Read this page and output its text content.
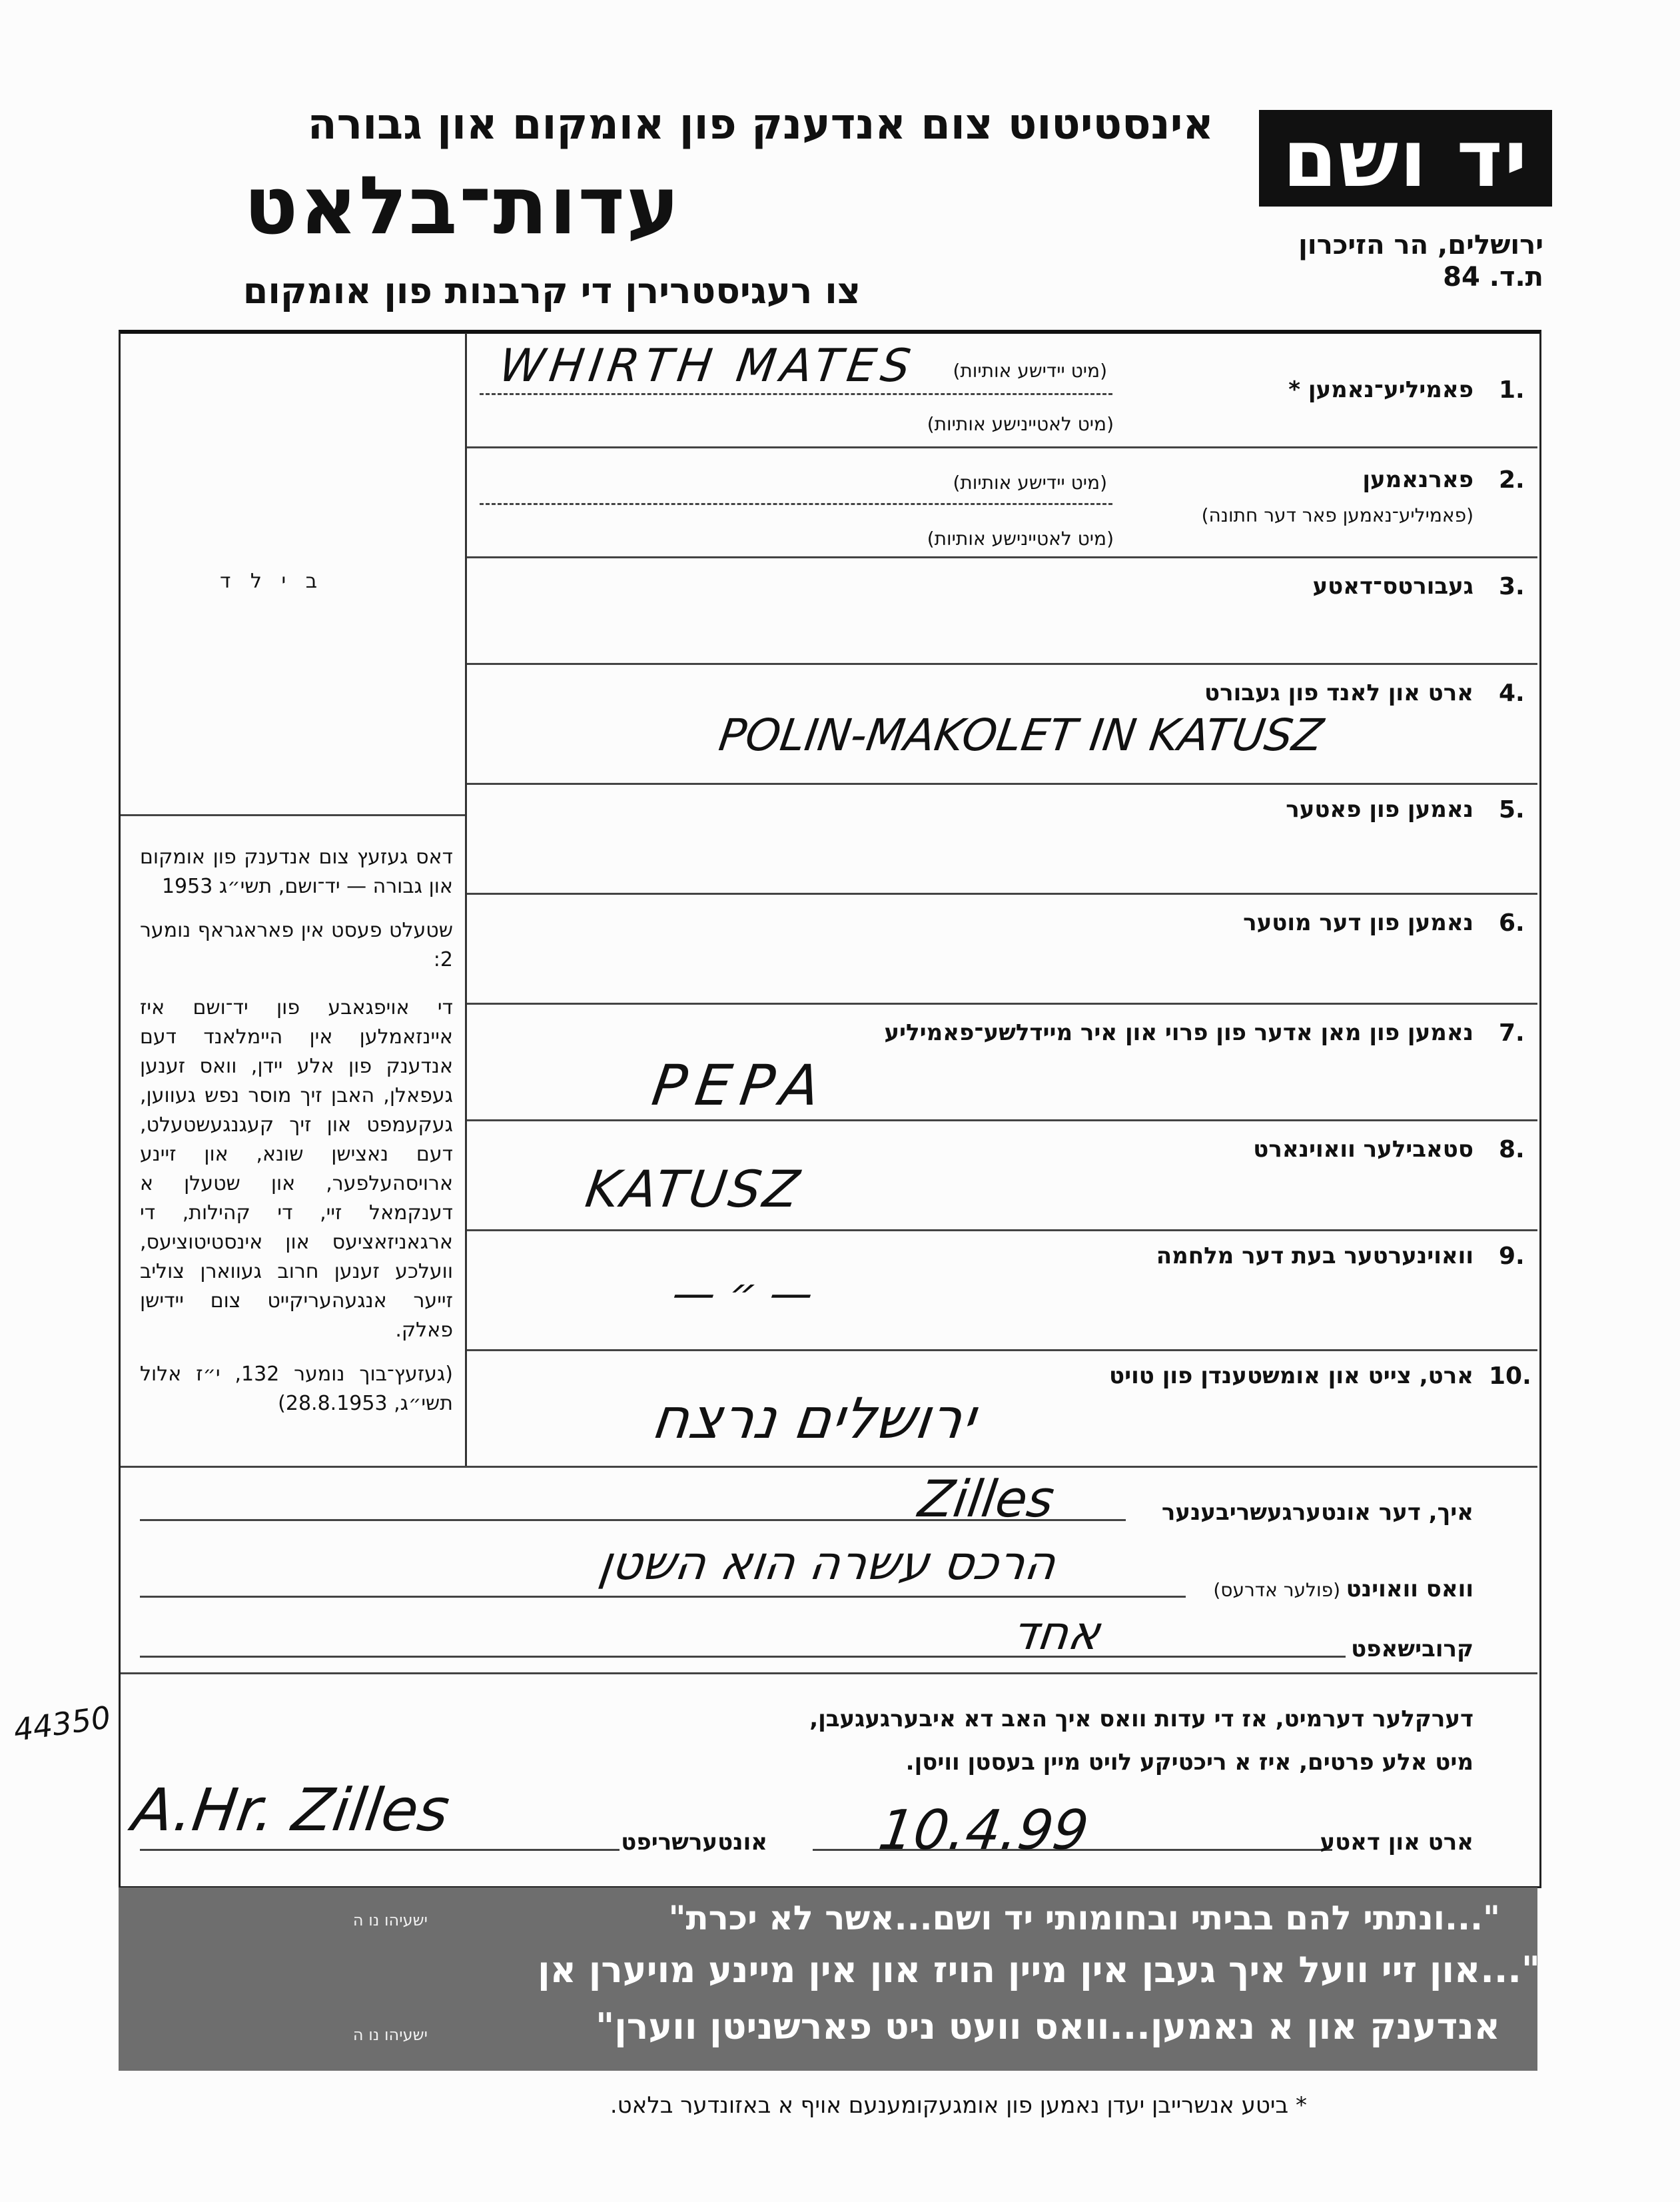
יד ושם
אינסטיטוט צום אנדענק פון אומקום און גבורה
עדות־בלאט
צו רעגיסטרירן די קרבנות פון אומקום
ירושלים, הר הזיכרון
ת.ד. 84
ב י ל ד
1.
פאמיליע־נאמען *
(מיט יידישע אותיות)
(מיט לאטיינישע אותיות)
WHIRTH MATES
2.
פארנאמען
(פאמיליע־נאמען פאר דער חתונה)
(מיט יידישע אותיות)
(מיט לאטיינישע אותיות)
3.
געבורטס־דאטע
4.
ארט און לאנד פון געבורט
POLIN-MAKOLET IN KATUSZ
5.
נאמען פון פאטער
6.
נאמען פון דער מוטער
7.
נאמען פון מאן אדער פון פרוי און איר מיידלשע־פאמיליע
PEPA
8.
סטאבילער וואוינארט
KATUSZ
9.
וואוינערטער בעת דער מלחמה
— ״ —
10.
ארט, צייט און אומשטענדן פון טויט
ירושלים נרצח
דאס געזעץ צום אנדענק פון אומקום און גבורה — יד־ושם, תשי״ג 1953
שטעלט פעסט אין פאראגראף נומער 2:
די אויפגאבע פון יד־ושם איז איינזאמלען אין היימלאנד דעם אנדענק פון אלע יידן, וואס זענען געפאלן, האבן זיך מוסר נפש געווען, געקעמפט און זיך קעגנגעשטעלט, דעם נאצישן שונא, און זיינע ארויסהעלפער, און שטעלן א דענקמאל זיי, די קהילות, די ארגאניזאציעס און אינסטיטוציעס, וועלכע זענען חרוב געווארן צוליב זייער אנגעהעריקייט צום יידישן פאלק.
(געזעץ־בוך נומער 132, י״ז אלול תשי״ג, 28.8.1953)
איך, דער אונטערגעשריבענער
Zilles
וואס וואוינט
(פולער אדרעס)
הרכס עשרה הוא השטן
קרובישאפט
אחד
דערקלער דערמיט, אז די עדות וואס איך האב דא איבערגעגעבן,
מיט אלע פרטים, איז א ריכטיקע לויט מיין בעסטן וויסן.
ארט און דאטע
10.4.99
אונטערשריפט
A.Hr. Zilles
44350
"...ונתתי להם בביתי ובחומותי יד ושם...אשר לא יכרת"
ישעיהו נו ה
"...און זיי וועל איך געבן אין מיין הויז און אין מיינע מויערן אן
אנדענק און א נאמען...וואס וועט ניט פארשניטן ווערן"
ישעיהו נו ה
* ביטע אנשרייבן יעדן נאמען פון אומגעקומענעם אויף א באזונדער בלאט.
